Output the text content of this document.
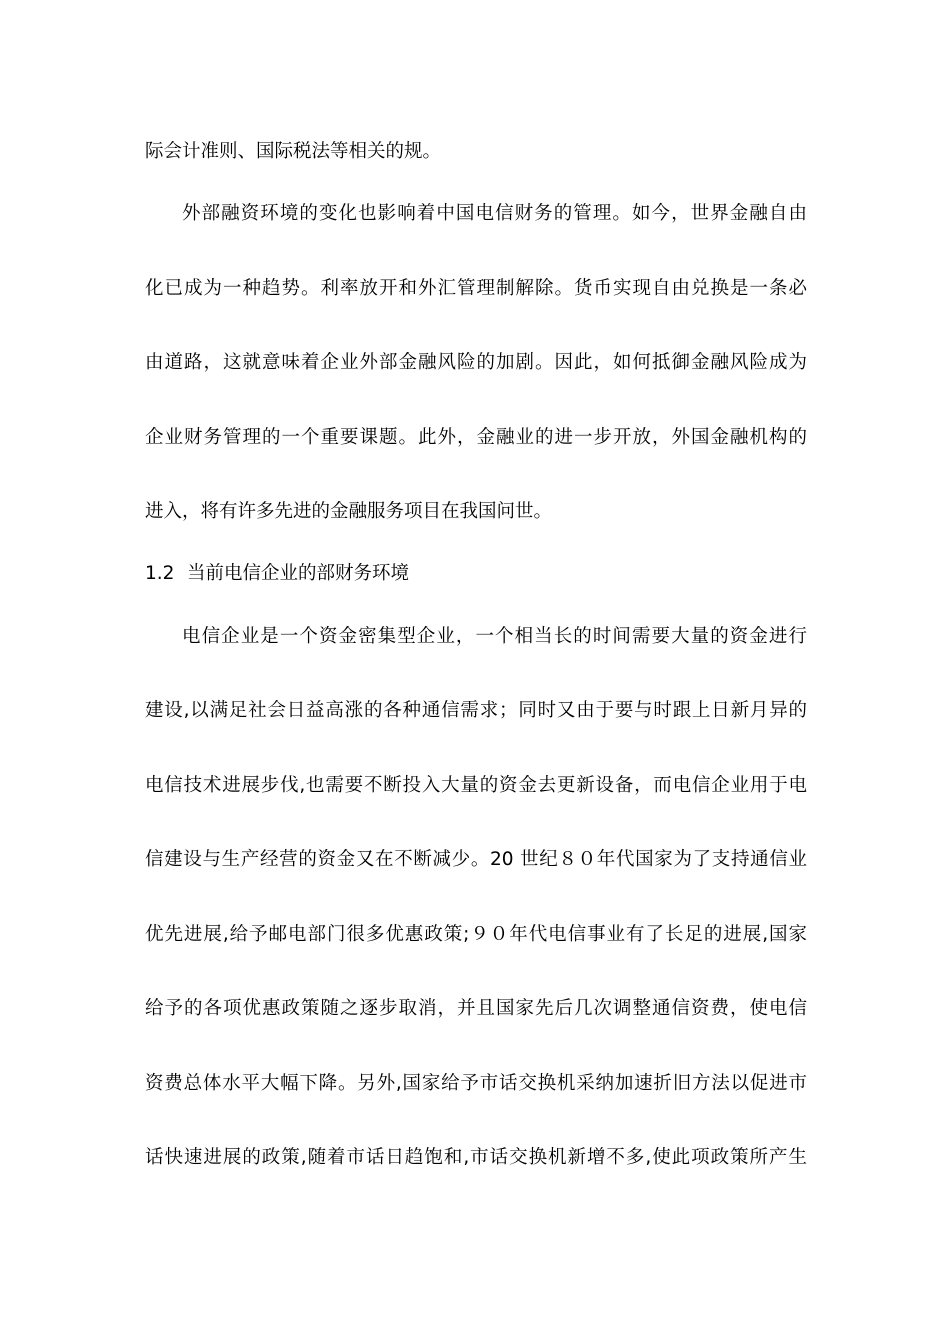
际会计准则、国际税法等相关的规。
外部融资环境的变化也影响着中国电信财务的管理。如今，世界金融自由
化已成为一种趋势。利率放开和外汇管理制解除。货币实现自由兑换是一条必
由道路，这就意味着企业外部金融风险的加剧。因此，如何抵御金融风险成为
企业财务管理的一个重要课题。此外，金融业的进一步开放，外国金融机构的
进入，将有许多先进的金融服务项目在我国问世。
1.2 当前电信企业的部财务环境
电信企业是一个资金密集型企业，一个相当长的时间需要大量的资金进行
建设,以满足社会日益高涨的各种通信需求；同时又由于要与时跟上日新月异的
电信技术进展步伐,也需要不断投入大量的资金去更新设备，而电信企业用于电
信建设与生产经营的资金又在不断减少。20 世纪８０年代国家为了支持通信业
优先进展,给予邮电部门很多优惠政策;９０年代电信事业有了长足的进展,国家
给予的各项优惠政策随之逐步取消，并且国家先后几次调整通信资费，使电信
资费总体水平大幅下降。另外,国家给予市话交换机采纳加速折旧方法以促进市
话快速进展的政策,随着市话日趋饱和,市话交换机新增不多,使此项政策所产生
